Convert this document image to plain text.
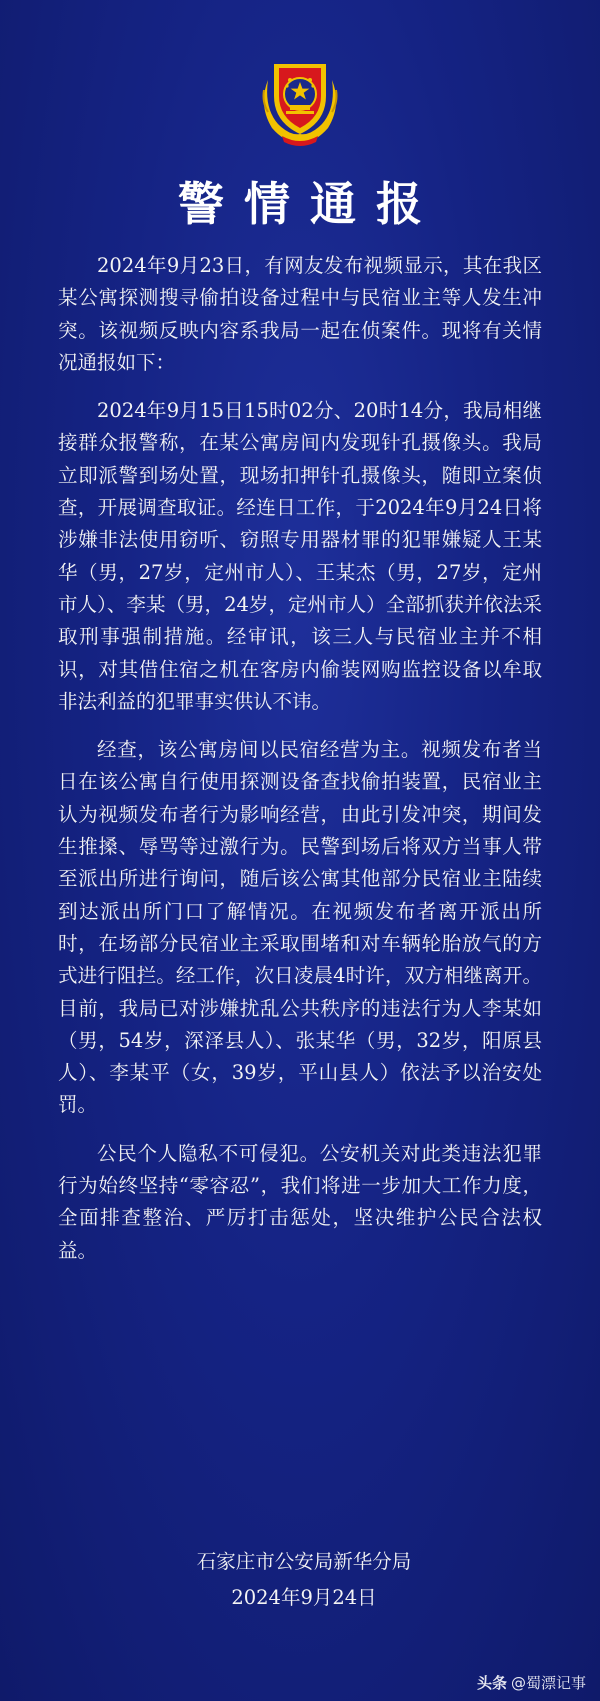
警情通报

2024年9月23日，有网友发布视频显示，其在我区某公寓探测搜寻偷拍设备过程中与民宿业主等人发生冲突。该视频反映内容系我局一起在侦案件。现将有关情况通报如下：

2024年9月15日15时02分、20时14分，我局相继接群众报警称，在某公寓房间内发现针孔摄像头。我局立即派警到场处置，现场扣押针孔摄像头，随即立案侦查，开展调查取证。经连日工作，于2024年9月24日将涉嫌非法使用窃听、窃照专用器材罪的犯罪嫌疑人王某华（男，27岁，定州市人）、王某杰（男，27岁，定州市人）、李某（男，24岁，定州市人）全部抓获并依法采取刑事强制措施。经审讯，该三人与民宿业主并不相识，对其借住宿之机在客房内偷装网购监控设备以牟取非法利益的犯罪事实供认不讳。

经查，该公寓房间以民宿经营为主。视频发布者当日在该公寓自行使用探测设备查找偷拍装置，民宿业主认为视频发布者行为影响经营，由此引发冲突，期间发生推搡、辱骂等过激行为。民警到场后将双方当事人带至派出所进行询问，随后该公寓其他部分民宿业主陆续到达派出所门口了解情况。在视频发布者离开派出所时，在场部分民宿业主采取围堵和对车辆轮胎放气的方式进行阻拦。经工作，次日凌晨4时许，双方相继离开。目前，我局已对涉嫌扰乱公共秩序的违法行为人李某如（男，54岁，深泽县人）、张某华（男，32岁，阳原县人）、李某平（女，39岁，平山县人）依法予以治安处罚。

公民个人隐私不可侵犯。公安机关对此类违法犯罪行为始终坚持“零容忍”，我们将进一步加大工作力度，全面排查整治、严厉打击惩处，坚决维护公民合法权益。

石家庄市公安局新华分局
2024年9月24日
头条 @蜀漂记事
